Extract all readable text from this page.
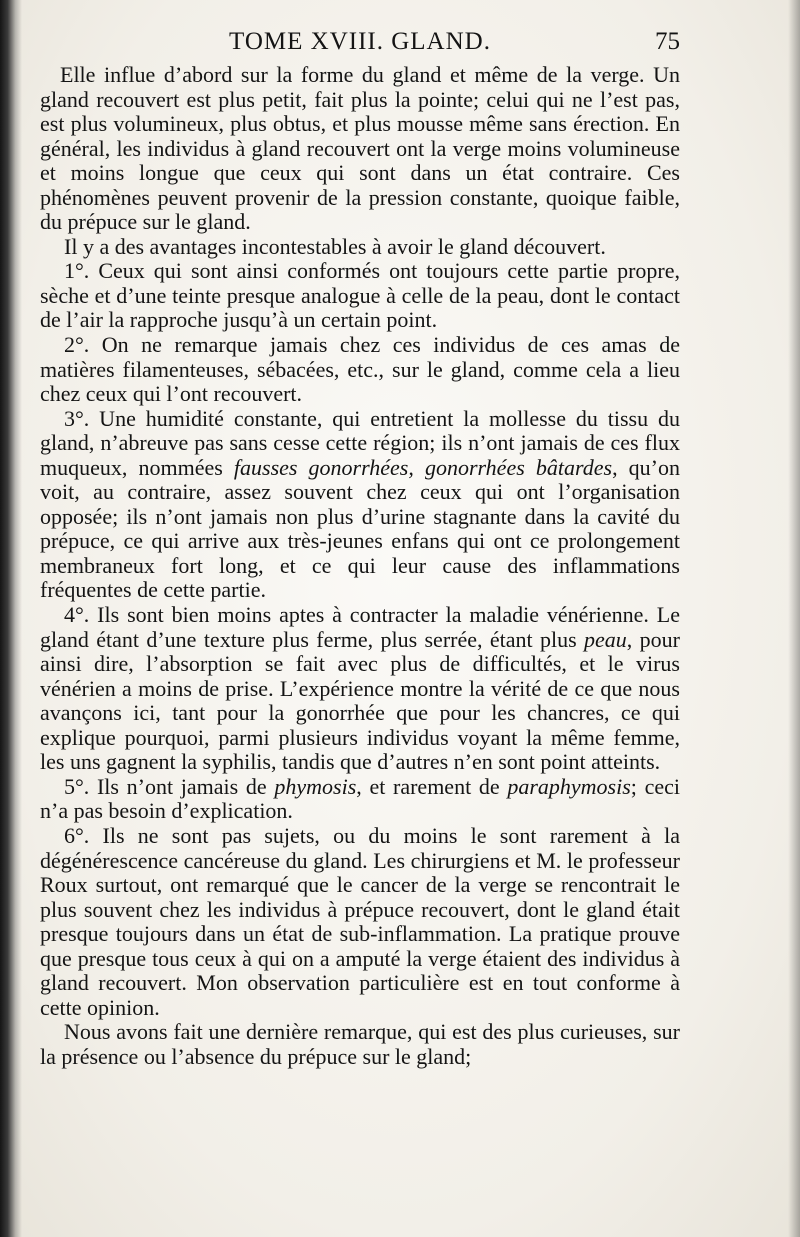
TOME XVIII. GLAND.	75

Elle influe d’abord sur la forme du gland et même de la verge. Un gland recouvert est plus petit, fait plus la pointe; celui qui ne l’est pas, est plus volumineux, plus obtus, et plus mousse même sans érection. En général, les individus à gland recouvert ont la verge moins volumineuse et moins longue que ceux qui sont dans un état contraire. Ces phénomènes peuvent provenir de la pression constante, quoique faible, du prépuce sur le gland.

Il y a des avantages incontestables à avoir le gland découvert.

1°. Ceux qui sont ainsi conformés ont toujours cette partie propre, sèche et d’une teinte presque analogue à celle de la peau, dont le contact de l’air la rapproche jusqu’à un certain point.

2°. On ne remarque jamais chez ces individus de ces amas de matières filamenteuses, sébacées, etc., sur le gland, comme cela a lieu chez ceux qui l’ont recouvert.

3°. Une humidité constante, qui entretient la mollesse du tissu du gland, n’abreuve pas sans cesse cette région; ils n’ont jamais de ces flux muqueux, nommées fausses gonorrhées, gonorrhées bâtardes, qu’on voit, au contraire, assez souvent chez ceux qui ont l’organisation opposée; ils n’ont jamais non plus d’urine stagnante dans la cavité du prépuce, ce qui arrive aux très-jeunes enfans qui ont ce prolongement membraneux fort long, et ce qui leur cause des inflammations fréquentes de cette partie.

4°. Ils sont bien moins aptes à contracter la maladie vénérienne. Le gland étant d’une texture plus ferme, plus serrée, étant plus peau, pour ainsi dire, l’absorption se fait avec plus de difficultés, et le virus vénérien a moins de prise. L’expérience montre la vérité de ce que nous avançons ici, tant pour la gonorrhée que pour les chancres, ce qui explique pourquoi, parmi plusieurs individus voyant la même femme, les uns gagnent la syphilis, tandis que d’autres n’en sont point atteints.

5°. Ils n’ont jamais de phymosis, et rarement de paraphymosis; ceci n’a pas besoin d’explication.

6°. Ils ne sont pas sujets, ou du moins le sont rarement à la dégénérescence cancéreuse du gland. Les chirurgiens et M. le professeur Roux surtout, ont remarqué que le cancer de la verge se rencontrait le plus souvent chez les individus à prépuce recouvert, dont le gland était presque toujours dans un état de sub-inflammation. La pratique prouve que presque tous ceux à qui on a amputé la verge étaient des individus à gland recouvert. Mon observation particulière est en tout conforme à cette opinion.

Nous avons fait une dernière remarque, qui est des plus curieuses, sur la présence ou l’absence du prépuce sur le gland;
